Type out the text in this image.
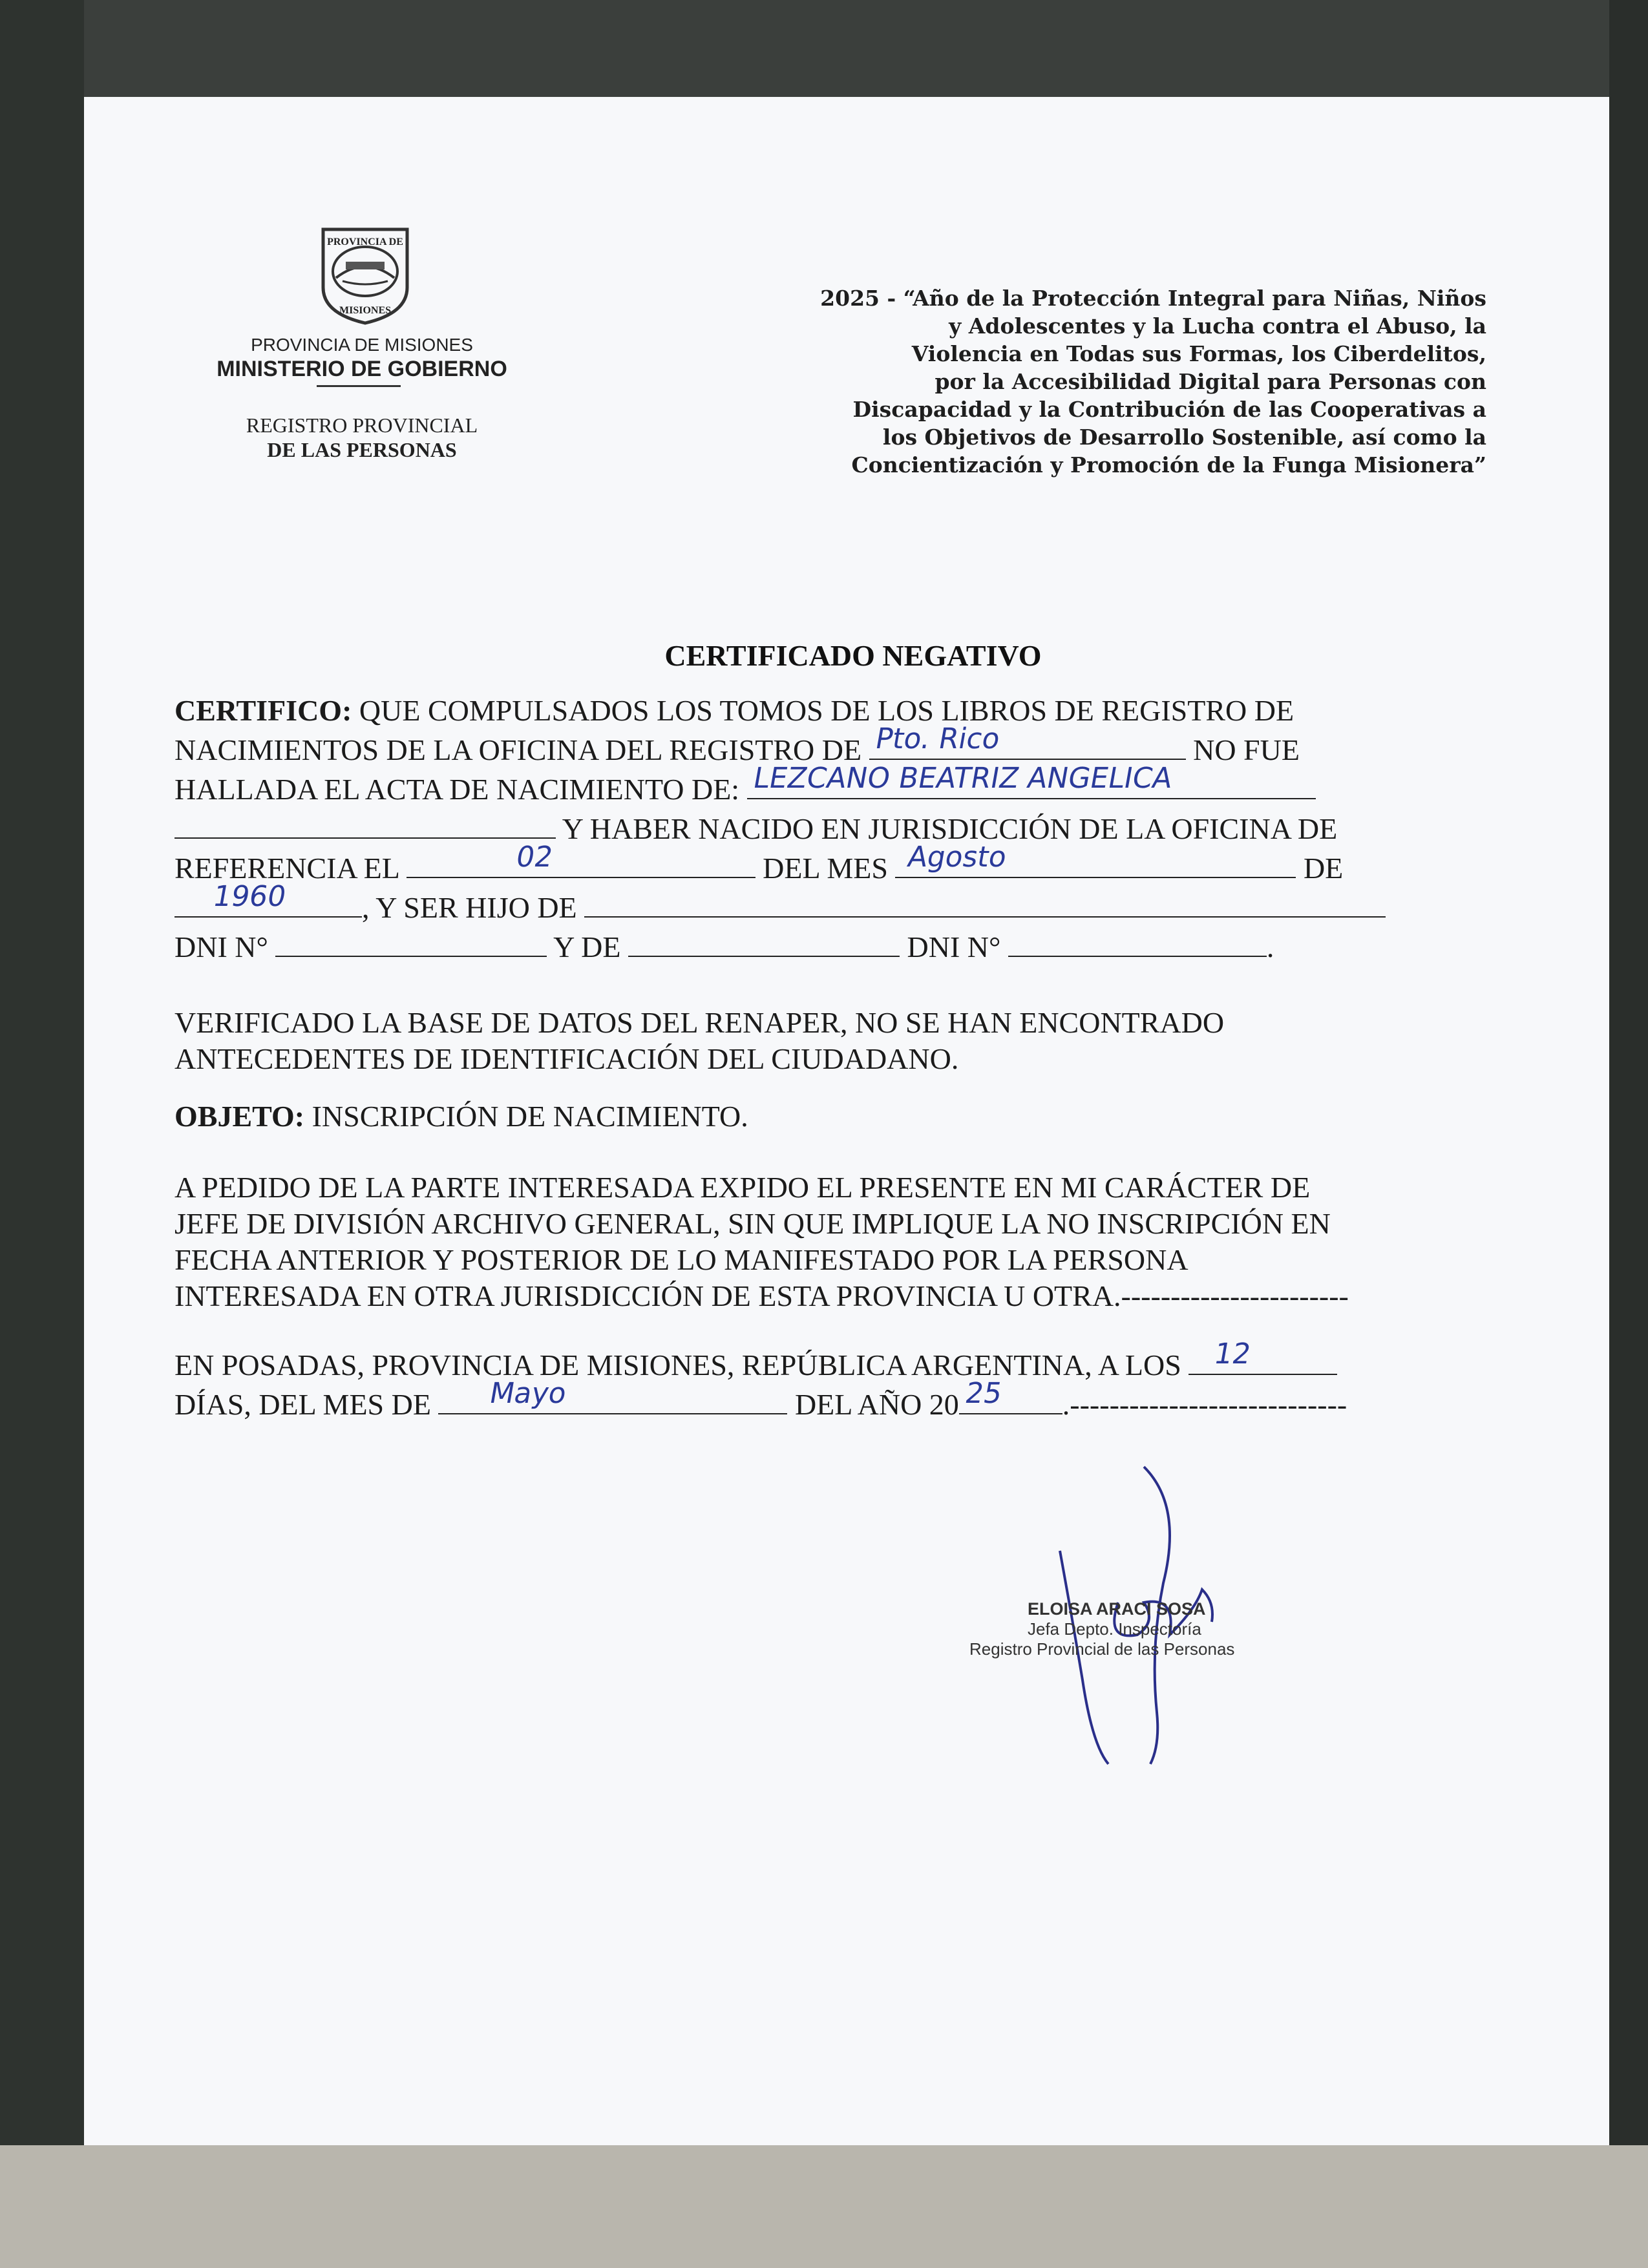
PROVINCIA DE
MISIONES
PROVINCIA DE MISIONES
MINISTERIO DE GOBIERNO
REGISTRO PROVINCIAL
DE LAS PERSONAS
2025 - “Año de la Protección Integral para Niñas, Niños
y Adolescentes y la Lucha contra el Abuso, la
Violencia en Todas sus Formas, los Ciberdelitos,
por la Accesibilidad Digital para Personas con
Discapacidad y la Contribución de las Cooperativas a
los Objetivos de Desarrollo Sostenible, así como la
Concientización y Promoción de la Funga Misionera”
CERTIFICADO NEGATIVO
CERTIFICO: QUE COMPULSADOS LOS TOMOS DE LOS LIBROS DE REGISTRO DE
NACIMIENTOS DE LA OFICINA DEL REGISTRO DE Pto. Rico	NO FUE
HALLADA EL ACTA DE NACIMIENTO DE: LEZCANO BEATRIZ ANGELICA
Y HABER NACIDO EN JURISDICCIÓN DE LA OFICINA DE
REFERENCIA EL	02	DEL MES Agosto	DE
1960 , Y SER HIJO DE
DNI N°	Y DE	DNI N°	.
VERIFICADO LA BASE DE DATOS DEL RENAPER, NO SE HAN ENCONTRADO
ANTECEDENTES DE IDENTIFICACIÓN DEL CIUDADANO.
OBJETO: INSCRIPCIÓN DE NACIMIENTO.
A PEDIDO DE LA PARTE INTERESADA EXPIDO EL PRESENTE EN MI CARÁCTER DE
JEFE DE DIVISIÓN ARCHIVO GENERAL, SIN QUE IMPLIQUE LA NO INSCRIPCIÓN EN
FECHA ANTERIOR Y POSTERIOR DE LO MANIFESTADO POR LA PERSONA
INTERESADA EN OTRA JURISDICCIÓN DE ESTA PROVINCIA U OTRA.-----------------------
EN POSADAS, PROVINCIA DE MISIONES, REPÚBLICA ARGENTINA, A LOS 12
DÍAS, DEL MES DE Mayo	DEL AÑO 20 25 .----------------------------
ELOISA ARACI SOSA
Jefa Depto. Inspectoría
Registro Provincial de las Personas
